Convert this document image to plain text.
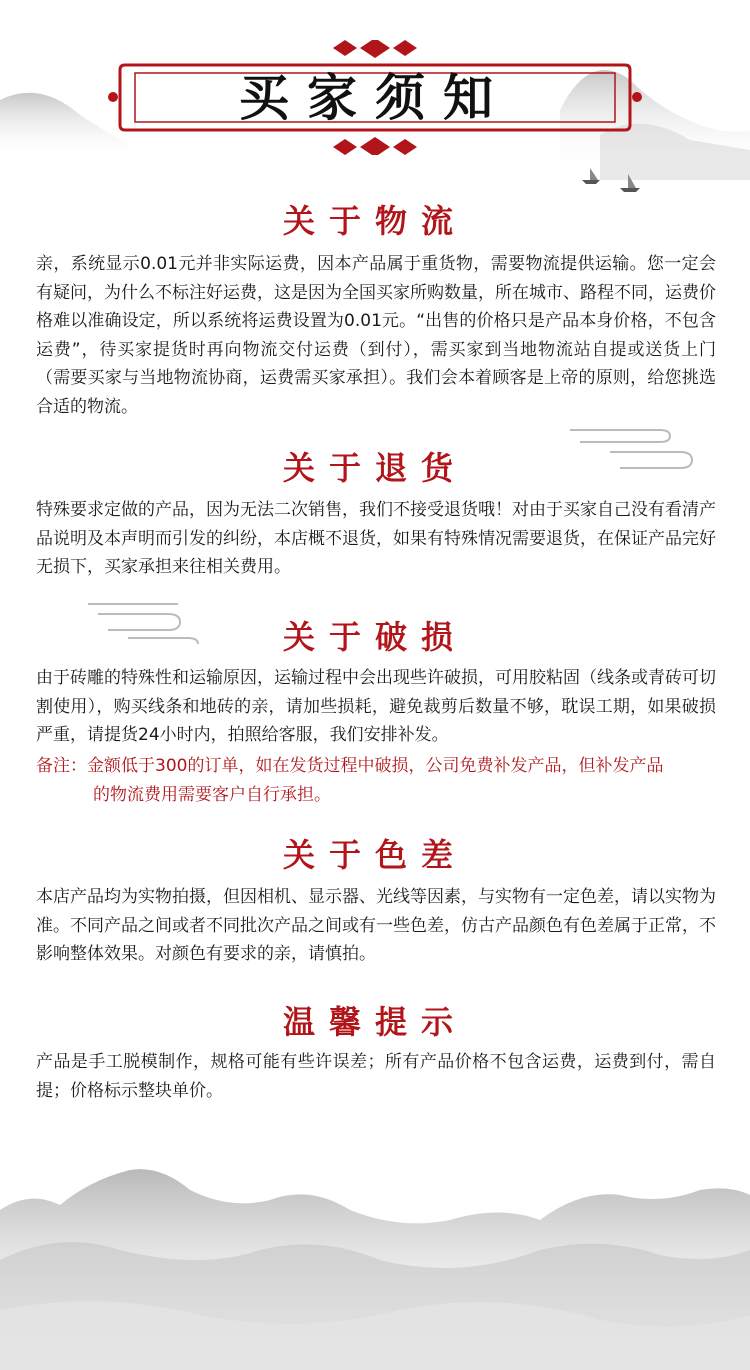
买家须知
关于物流
亲，系统显示0.01元并非实际运费，因本产品属于重货物，需要物流提供运输。您一定会有疑问，为什么不标注好运费，这是因为全国买家所购数量，所在城市、路程不同，运费价格难以准确设定，所以系统将运费设置为0.01元。“出售的价格只是产品本身价格，不包含运费”，待买家提货时再向物流交付运费（到付），需买家到当地物流站自提或送货上门（需要买家与当地物流协商，运费需买家承担）。我们会本着顾客是上帝的原则，给您挑选合适的物流。
关于退货
特殊要求定做的产品，因为无法二次销售，我们不接受退货哦！对由于买家自己没有看清产品说明及本声明而引发的纠纷，本店概不退货，如果有特殊情况需要退货，在保证产品完好无损下，买家承担来往相关费用。
关于破损
由于砖雕的特殊性和运输原因，运输过程中会出现些许破损，可用胶粘固（线条或青砖可切割使用），购买线条和地砖的亲，请加些损耗，避免裁剪后数量不够，耽误工期，如果破损严重，请提货24小时内，拍照给客服，我们安排补发。
备注：金额低于300的订单，如在发货过程中破损，公司免费补发产品，但补发产品
的物流费用需要客户自行承担。
关于色差
本店产品均为实物拍摄，但因相机、显示器、光线等因素，与实物有一定色差，请以实物为准。不同产品之间或者不同批次产品之间或有一些色差，仿古产品颜色有色差属于正常，不影响整体效果。对颜色有要求的亲，请慎拍。
温馨提示
产品是手工脱模制作，规格可能有些许误差；所有产品价格不包含运费，运费到付，需自提；价格标示整块单价。
